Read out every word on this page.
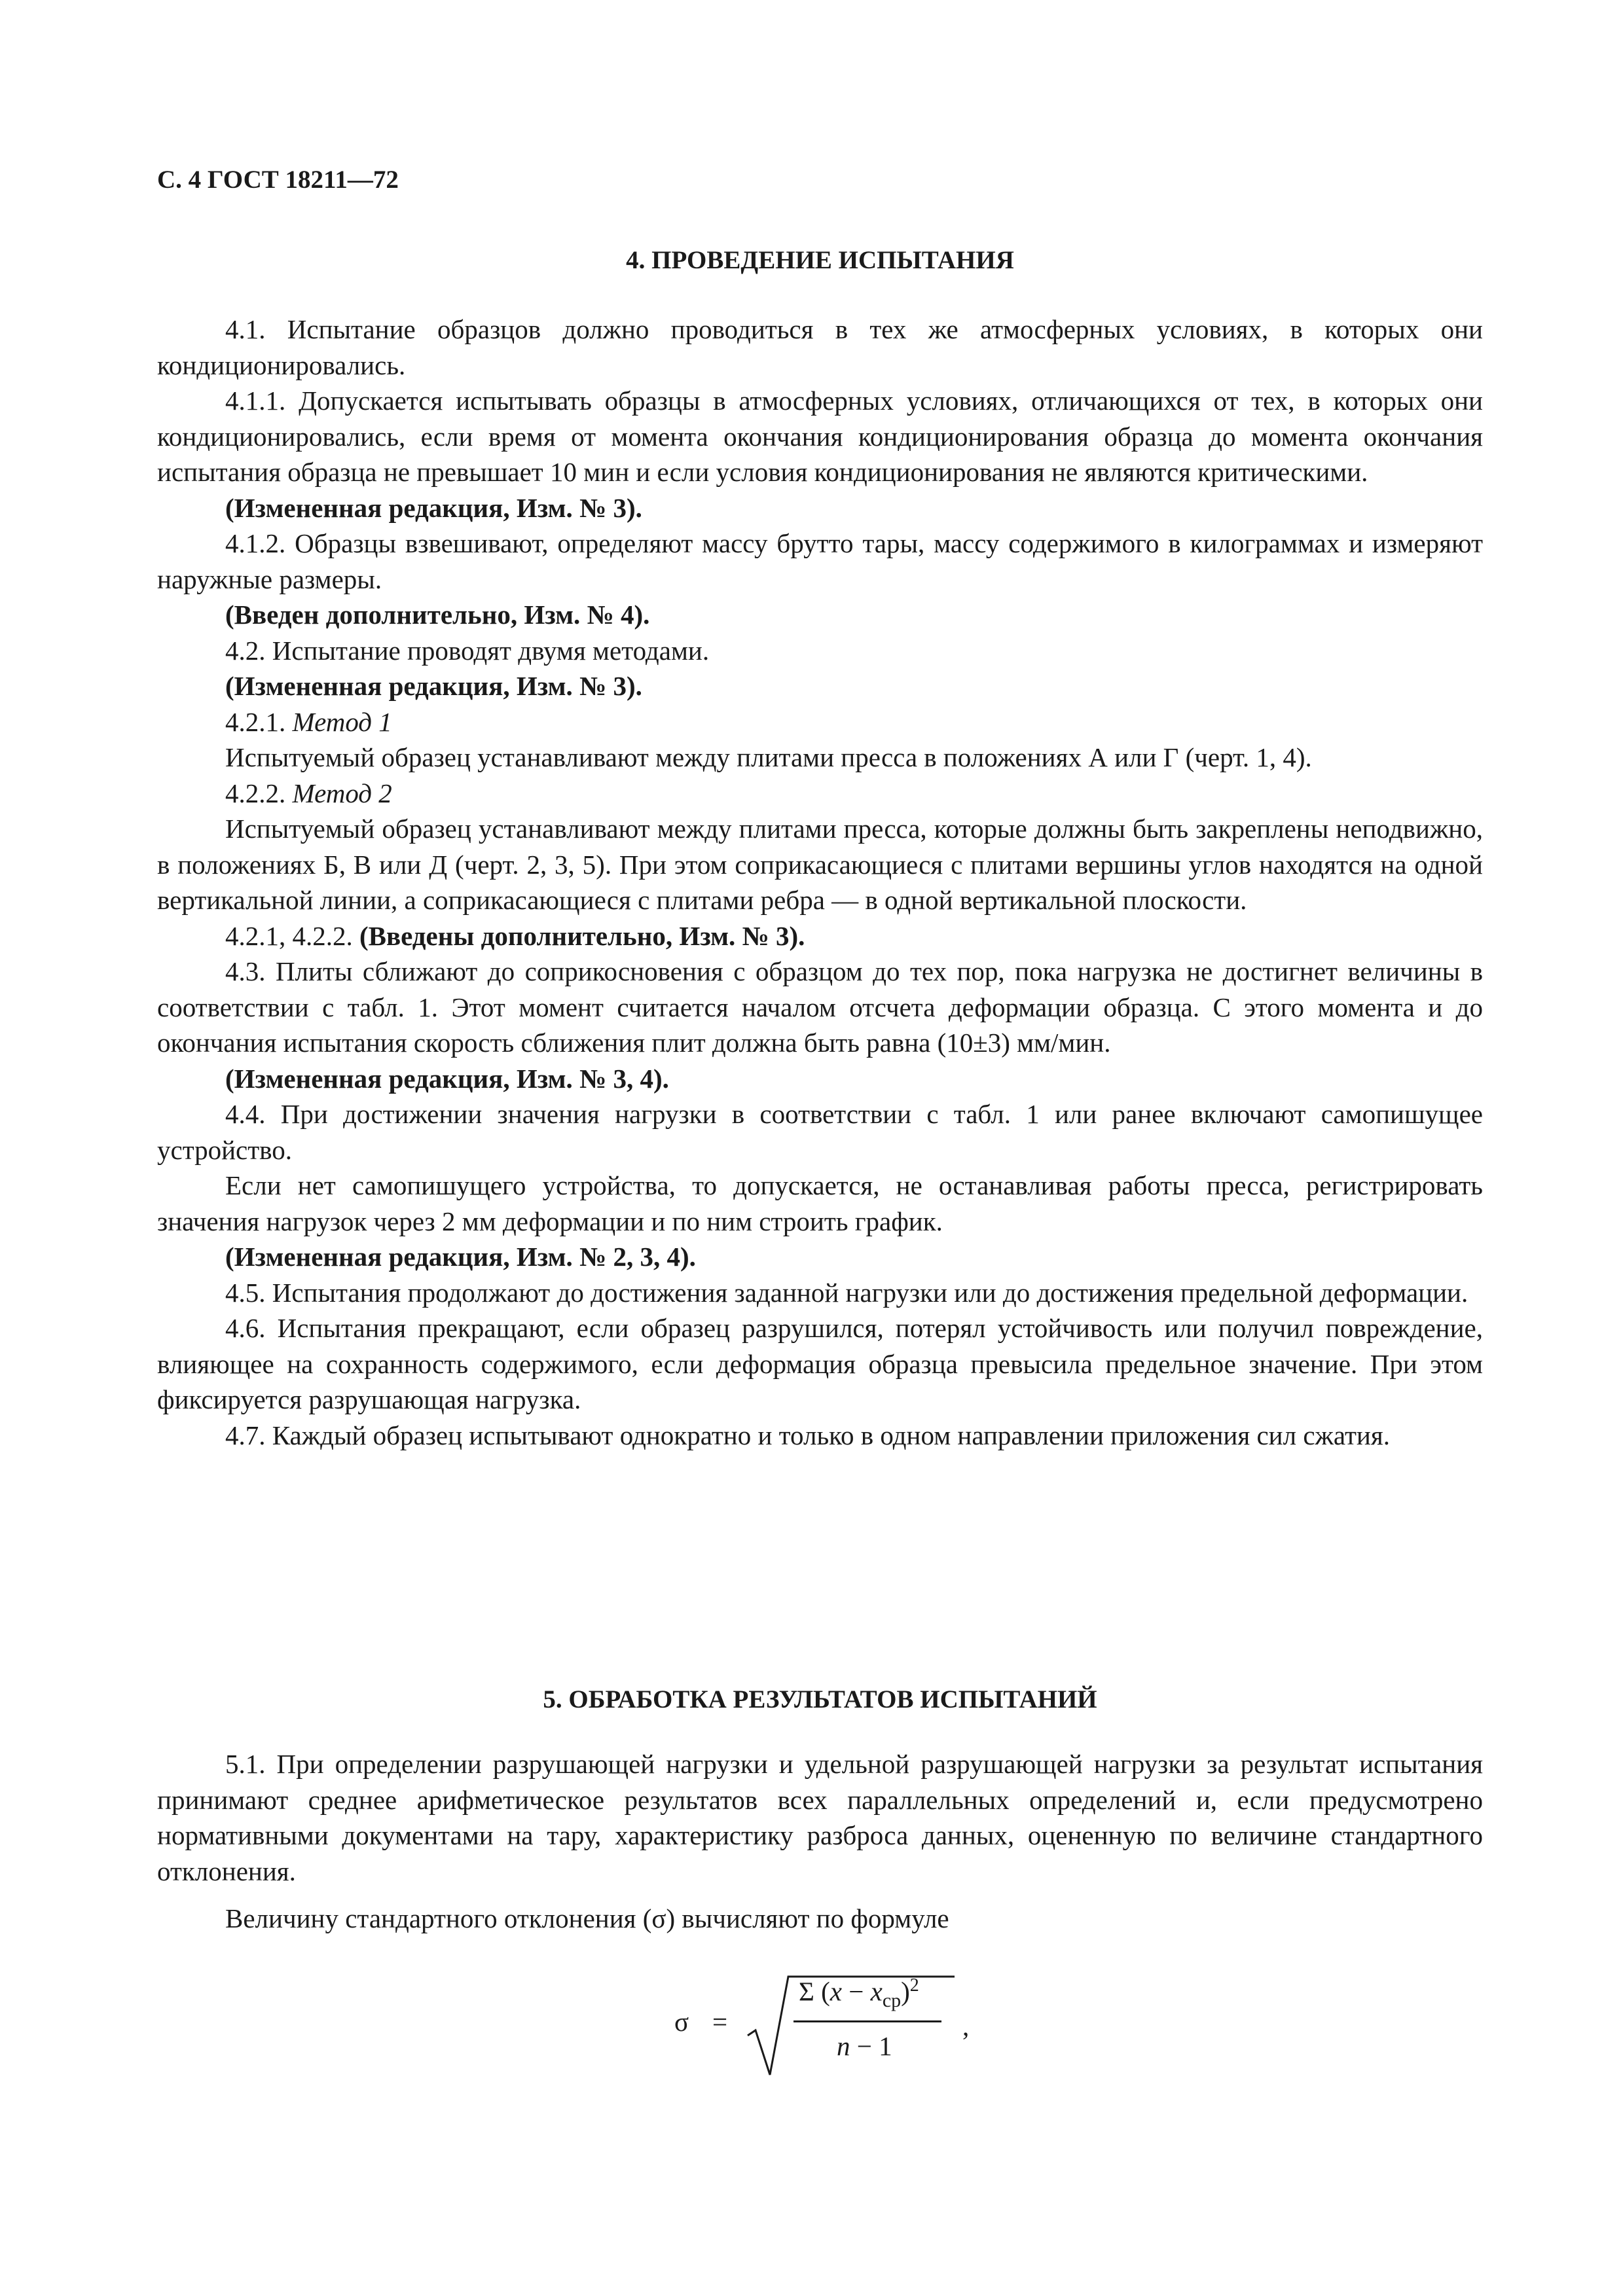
С. 4 ГОСТ 18211—72
4. ПРОВЕДЕНИЕ ИСПЫТАНИЯ

4.1. Испытание образцов должно проводиться в тех же атмосферных условиях, в которых они кондиционировались.

4.1.1. Допускается испытывать образцы в атмосферных условиях, отличающихся от тех, в которых они кондиционировались, если время от момента окончания кондиционирования образца до момента окончания испытания образца не превышает 10 мин и если условия кондиционирования не являются критическими.

(Измененная редакция, Изм. № 3).

4.1.2. Образцы взвешивают, определяют массу брутто тары, массу содержимого в килограммах и измеряют наружные размеры.

(Введен дополнительно, Изм. № 4).

4.2. Испытание проводят двумя методами.

(Измененная редакция, Изм. № 3).

4.2.1. Метод 1

Испытуемый образец устанавливают между плитами пресса в положениях А или Г (черт. 1, 4).

4.2.2. Метод 2

Испытуемый образец устанавливают между плитами пресса, которые должны быть закреплены неподвижно, в положениях Б, В или Д (черт. 2, 3, 5). При этом соприкасающиеся с плитами вершины углов находятся на одной вертикальной линии, а соприкасающиеся с плитами ребра — в одной вертикальной плоскости.

4.2.1, 4.2.2. (Введены дополнительно, Изм. № 3).

4.3. Плиты сближают до соприкосновения с образцом до тех пор, пока нагрузка не достигнет величины в соответствии с табл. 1. Этот момент считается началом отсчета деформации образца. С этого момента и до окончания испытания скорость сближения плит должна быть равна (10±3) мм/мин.

(Измененная редакция, Изм. № 3, 4).

4.4. При достижении значения нагрузки в соответствии с табл. 1 или ранее включают самопишущее устройство.

Если нет самопишущего устройства, то допускается, не останавливая работы пресса, регистрировать значения нагрузок через 2 мм деформации и по ним строить график.

(Измененная редакция, Изм. № 2, 3, 4).

4.5. Испытания продолжают до достижения заданной нагрузки или до достижения предельной деформации.

4.6. Испытания прекращают, если образец разрушился, потерял устойчивость или получил повреждение, влияющее на сохранность содержимого, если деформация образца превысила предельное значение. При этом фиксируется разрушающая нагрузка.

4.7. Каждый образец испытывают однократно и только в одном направлении приложения сил сжатия.

5. ОБРАБОТКА РЕЗУЛЬТАТОВ ИСПЫТАНИЙ

5.1. При определении разрушающей нагрузки и удельной разрушающей нагрузки за результат испытания принимают среднее арифметическое результатов всех параллельных определений и, если предусмотрено нормативными документами на тару, характеристику разброса данных, оцененную по величине стандартного отклонения.

Величину стандартного отклонения (σ) вычисляют по формуле

σ =
Σ $(x - x_{ср})^2$
n − 1
,
